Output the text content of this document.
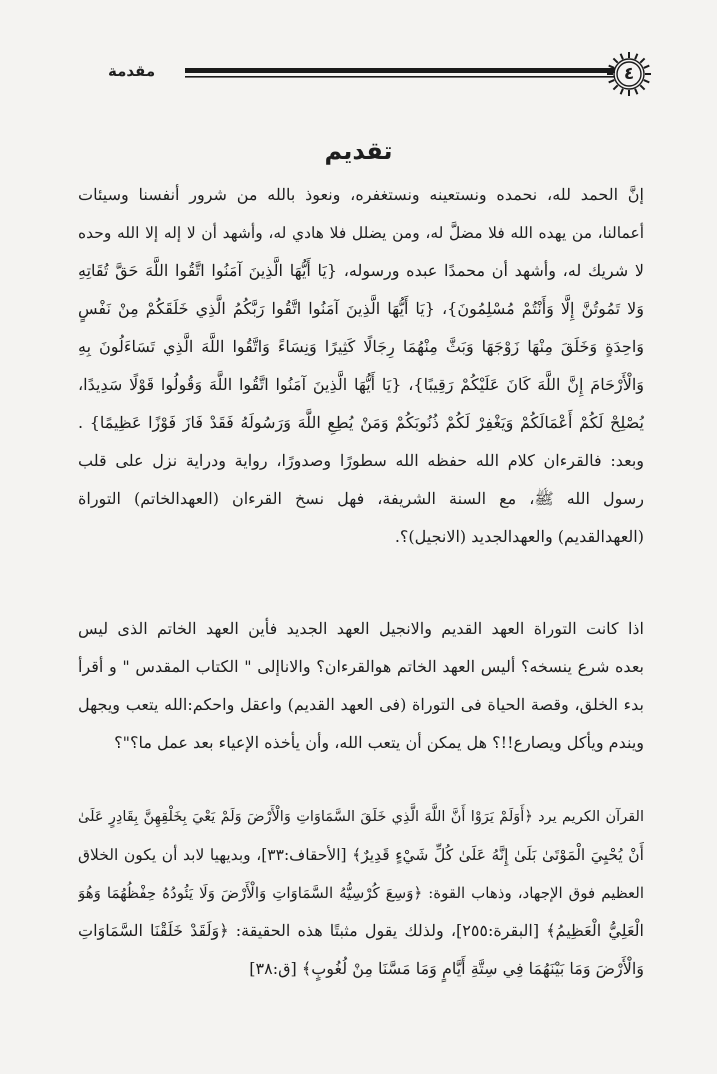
مقدمة	٤
تقديم
إنَّ الحمد لله، نحمده ونستعينه ونستغفره، ونعوذ بالله من شرور أنفسنا وسيئات
أعمالنا، من يهده الله فلا مضلَّ له، ومن يضلل فلا هادي له، وأشهد أن لا إله إلا الله وحده
لا شريك له، وأشهد أن محمدًا عبده ورسوله، {يَا أَيُّهَا الَّذِينَ آمَنُوا اتَّقُوا اللَّهَ حَقَّ تُقَاتِهِ
وَلا تَمُوتُنَّ إِلَّا وَأَنْتُمْ مُسْلِمُونَ}، {يَا أَيُّهَا الَّذِينَ آمَنُوا اتَّقُوا رَبَّكُمُ الَّذِي خَلَقَكُمْ مِنْ نَفْسٍ
وَاحِدَةٍ وَخَلَقَ مِنْهَا زَوْجَهَا وَبَثَّ مِنْهُمَا رِجَالًا كَثِيرًا وَنِسَاءً وَاتَّقُوا اللَّهَ الَّذِي تَسَاءَلُونَ بِهِ
وَالْأَرْحَامَ إِنَّ اللَّهَ كَانَ عَلَيْكُمْ رَقِيبًا}، {يَا أَيُّهَا الَّذِينَ آمَنُوا اتَّقُوا اللَّهَ وَقُولُوا قَوْلًا سَدِيدًا،
يُصْلِحْ لَكُمْ أَعْمَالَكُمْ وَيَغْفِرْ لَكُمْ ذُنُوبَكُمْ وَمَنْ يُطِعِ اللَّهَ وَرَسُولَهُ فَقَدْ فَازَ فَوْزًا عَظِيمًا} .
وبعد: فالقرءان كلام الله حفظه الله سطورًا وصدورًا، رواية ودراية نزل على قلب
رسول الله ﷺ، مع السنة الشريفة، فهل نسخ القرءان (العهدالخاتم) التوراة
(العهدالقديم) والعهدالجديد (الانجيل)؟.
اذا كانت التوراة العهد القديم والانجيل العهد الجديد فأين العهد الخاتم الذى ليس
بعده شرع ينسخه؟ أليس العهد الخاتم هوالقرءان؟ والاناإلى " الكتاب المقدس " و أقرأ
بدء الخلق، وقصة الحياة فى التوراة (فى العهد القديم) واعقل واحكم:الله يتعب ويجهل
ويندم ويأكل ويصارع!!؟ هل يمكن أن يتعب الله، وأن يأخذه الإعياء بعد عمل ما؟"؟
القرآن الكريم يرد ﴿أَوَلَمْ يَرَوْا أَنَّ اللَّهَ الَّذِي خَلَقَ السَّمَاوَاتِ وَالْأَرْضَ وَلَمْ يَعْيَ بِخَلْقِهِنَّ بِقَادِرٍ عَلَىٰ
أَنْ يُحْيِيَ الْمَوْتَىٰ بَلَىٰ إِنَّهُ عَلَىٰ كُلِّ شَيْءٍ قَدِيرٌ﴾ [الأحقاف:٣٣]، وبديهيا لابد أن يكون الخلاق
العظيم فوق الإجهاد، وذهاب القوة: ﴿وَسِعَ كُرْسِيُّهُ السَّمَاوَاتِ وَالْأَرْضَ وَلَا يَئُودُهُ حِفْظُهُمَا وَهُوَ
الْعَلِيُّ الْعَظِيمُ﴾ [البقرة:٢٥٥]، ولذلك يقول مثبتًا هذه الحقيقة: ﴿وَلَقَدْ خَلَقْنَا السَّمَاوَاتِ
وَالْأَرْضَ وَمَا بَيْنَهُمَا فِي سِتَّةِ أَيَّامٍ وَمَا مَسَّنَا مِنْ لُغُوبٍ﴾ [ق:٣٨]
